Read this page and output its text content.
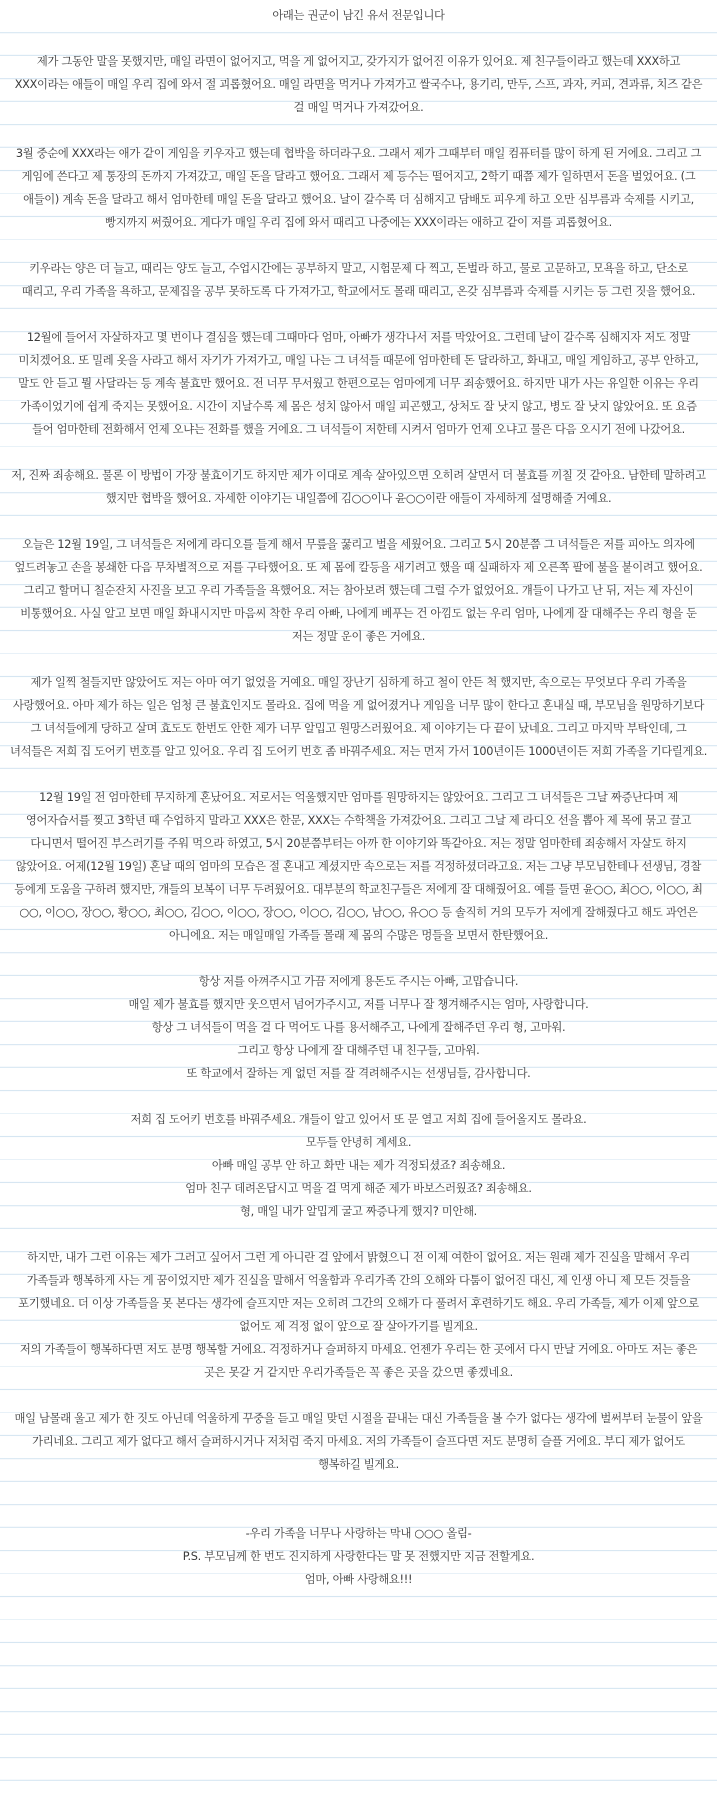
아래는 권군이 남긴 유서 전문입니다
제가 그동안 말을 못했지만, 매일 라면이 없어지고, 먹을 게 없어지고, 갖가지가 없어진 이유가 있어요. 제 친구들이라고 했는데 XXX하고 XXX이라는 애들이 매일 우리 집에 와서 절 괴롭혔어요. 매일 라면을 먹거나 가져가고 쌀국수나, 용기리, 만두, 스프, 과자, 커피, 견과류, 치즈 같은 걸 매일 먹거나 가져갔어요.
3월 중순에 XXX라는 애가 같이 게임을 키우자고 했는데 협박을 하더라구요. 그래서 제가 그때부터 매일 컴퓨터를 많이 하게 된 거에요. 그리고 그 게임에 쓴다고 제 통장의 돈까지 가져갔고, 매일 돈을 달라고 했어요. 그래서 제 등수는 떨어지고, 2학기 때쯤 제가 일하면서 돈을 벌었어요. (그 애들이) 계속 돈을 달라고 해서 엄마한테 매일 돈을 달라고 했어요. 날이 갈수록 더 심해지고 담배도 피우게 하고 오만 심부름과 숙제를 시키고, 빵지까지 써줬어요. 게다가 매일 우리 집에 와서 때리고 나중에는 XXX이라는 애하고 같이 저를 괴롭혔어요.
키우라는 양은 더 늘고, 때리는 양도 늘고, 수업시간에는 공부하지 말고, 시험문제 다 찍고, 돈벌라 하고, 물로 고문하고, 모욕을 하고, 단소로 때리고, 우리 가족을 욕하고, 문제집을 공부 못하도록 다 가져가고, 학교에서도 몰래 때리고, 온갖 심부름과 숙제를 시키는 등 그런 짓을 했어요.
12월에 들어서 자살하자고 몇 번이나 결심을 했는데 그때마다 엄마, 아빠가 생각나서 저를 막았어요. 그런데 날이 갈수록 심해지자 저도 정말 미치겠어요. 또 밀레 옷을 사라고 해서 자기가 가져가고, 매일 나는 그 녀석들 때문에 엄마한테 돈 달라하고, 화내고, 매일 게임하고, 공부 안하고, 말도 안 듣고 뭘 사달라는 등 계속 불효만 했어요. 전 너무 무서웠고 한편으로는 엄마에게 너무 죄송했어요. 하지만 내가 사는 유일한 이유는 우리 가족이었기에 쉽게 죽지는 못했어요. 시간이 지날수록 제 몸은 성치 않아서 매일 피곤했고, 상처도 잘 낫지 않고, 병도 잘 낫지 않았어요. 또 요즘 들어 엄마한테 전화해서 언제 오냐는 전화를 했을 거에요. 그 녀석들이 저한테 시켜서 엄마가 언제 오냐고 물은 다음 오시기 전에 나갔어요.
저, 진짜 죄송해요. 물론 이 방법이 가장 불효이기도 하지만 제가 이대로 계속 살아있으면 오히려 살면서 더 불효를 끼칠 것 같아요. 남한테 말하려고 했지만 협박을 했어요. 자세한 이야기는 내일쯤에 김○○이나 윤○○이란 애들이 자세하게 설명해줄 거예요.
오늘은 12월 19일, 그 녀석들은 저에게 라디오를 들게 해서 무릎을 꿇리고 벌을 세웠어요. 그리고 5시 20분쯤 그 녀석들은 저를 피아노 의자에 엎드려놓고 손을 봉쇄한 다음 무차별적으로 저를 구타했어요. 또 제 몸에 칼등을 새기려고 했을 때 실패하자 제 오른쪽 팔에 불을 붙이려고 했어요. 그리고 할머니 칠순잔치 사진을 보고 우리 가족들을 욕했어요. 저는 참아보려 했는데 그럴 수가 없었어요. 걔들이 나가고 난 뒤, 저는 제 자신이 비통했어요. 사실 알고 보면 매일 화내시지만 마음씨 착한 우리 아빠, 나에게 베푸는 건 아낌도 없는 우리 엄마, 나에게 잘 대해주는 우리 형을 둔 저는 정말 운이 좋은 거에요.
제가 일찍 철들지만 않았어도 저는 아마 여기 없었을 거예요. 매일 장난기 심하게 하고 철이 안든 척 했지만, 속으로는 무엇보다 우리 가족을 사랑했어요. 아마 제가 하는 일은 엄청 큰 불효인지도 몰라요. 집에 먹을 게 없어졌거나 게임을 너무 많이 한다고 혼내실 때, 부모님을 원망하기보다 그 녀석들에게 당하고 살며 효도도 한번도 안한 제가 너무 알밉고 원망스러웠어요. 제 이야기는 다 끝이 났네요. 그리고 마지막 부탁인데, 그 녀석들은 저희 집 도어키 번호를 알고 있어요. 우리 집 도어키 번호 좀 바꿔주세요. 저는 먼저 가서 100년이든 1000년이든 저희 가족을 기다릴게요.
12월 19일 전 엄마한테 무지하게 혼났어요. 저로서는 억울했지만 엄마를 원망하지는 않았어요. 그리고 그 녀석들은 그날 짜증난다며 제 영어자습서를 찢고 3학년 때 수업하지 말라고 XXX은 한문, XXX는 수학책을 가져갔어요. 그리고 그날 제 라디오 선을 뽑아 제 목에 묶고 끌고 다니면서 떨어진 부스러기를 주워 먹으라 하였고, 5시 20분쯤부터는 아까 한 이야기와 똑같아요. 저는 정말 엄마한테 죄송해서 자살도 하지 않았어요. 어제(12월 19일) 혼날 때의 엄마의 모습은 절 혼내고 계셨지만 속으로는 저를 걱정하셨더라고요. 저는 그냥 부모님한테나 선생님, 경찰 등에게 도움을 구하려 했지만, 걔들의 보복이 너무 두려웠어요. 대부분의 학교친구들은 저에게 잘 대해줬어요. 예를 들면 윤○○, 최○○, 이○○, 최○○, 이○○, 장○○, 황○○, 최○○, 김○○, 이○○, 장○○, 이○○, 김○○, 남○○, 유○○ 등 솔직히 거의 모두가 저에게 잘해줬다고 해도 과언은 아니에요. 저는 매일매일 가족들 몰래 제 몸의 수많은 멍들을 보면서 한탄했어요.
항상 저를 아껴주시고 가끔 저에게 용돈도 주시는 아빠, 고맙습니다.
매일 제가 불효를 했지만 웃으면서 넘어가주시고, 저를 너무나 잘 챙겨해주시는 엄마, 사랑합니다.
항상 그 녀석들이 먹을 걸 다 먹어도 나를 용서해주고, 나에게 잘해주던 우리 형, 고마워.
그리고 항상 나에게 잘 대해주던 내 친구들, 고마워.
또 학교에서 잘하는 게 없던 저를 잘 격려해주시는 선생님들, 감사합니다.
저희 집 도어키 번호를 바꿔주세요. 걔들이 알고 있어서 또 문 열고 저희 집에 들어올지도 몰라요.
모두들 안녕히 계세요.
아빠 매일 공부 안 하고 화만 내는 제가 걱정되셨죠? 죄송해요.
엄마 친구 데려온답시고 먹을 걸 먹게 해준 제가 바보스러웠죠? 죄송해요.
형, 매일 내가 알밉게 굴고 짜증나게 했지? 미안해.
하지만, 내가 그런 이유는 제가 그러고 싶어서 그런 게 아니란 걸 앞에서 밝혔으니 전 이제 여한이 없어요. 저는 원래 제가 진실을 말해서 우리 가족들과 행복하게 사는 게 꿈이었지만 제가 진실을 말해서 억울함과 우리가족 간의 오해와 다툼이 없어진 대신, 제 인생 아니 제 모든 것들을 포기했네요. 더 이상 가족들을 못 본다는 생각에 슬프지만 저는 오히려 그간의 오해가 다 풀려서 후련하기도 해요. 우리 가족들, 제가 이제 앞으로 없어도 제 걱정 없이 앞으로 잘 살아가기를 빌게요.
저의 가족들이 행복하다면 저도 분명 행복할 거에요. 걱정하거나 슬퍼하지 마세요. 언젠가 우리는 한 곳에서 다시 만날 거에요. 아마도 저는 좋은 곳은 못갈 거 같지만 우리가족들은 꼭 좋은 곳을 갔으면 좋겠네요.
매일 남몰래 울고 제가 한 짓도 아닌데 억울하게 꾸중을 듣고 매일 맞던 시절을 끝내는 대신 가족들을 볼 수가 없다는 생각에 벌써부터 눈물이 앞을 가리네요. 그리고 제가 없다고 해서 슬퍼하시거나 저처럼 죽지 마세요. 저의 가족들이 슬프다면 저도 분명히 슬플 거에요. 부디 제가 없어도 행복하길 빌게요.
-우리 가족을 너무나 사랑하는 막내 ○○○ 올림-
P.S. 부모님께 한 번도 진지하게 사랑한다는 말 못 전했지만 지금 전할게요.
엄마, 아빠 사랑해요!!!
